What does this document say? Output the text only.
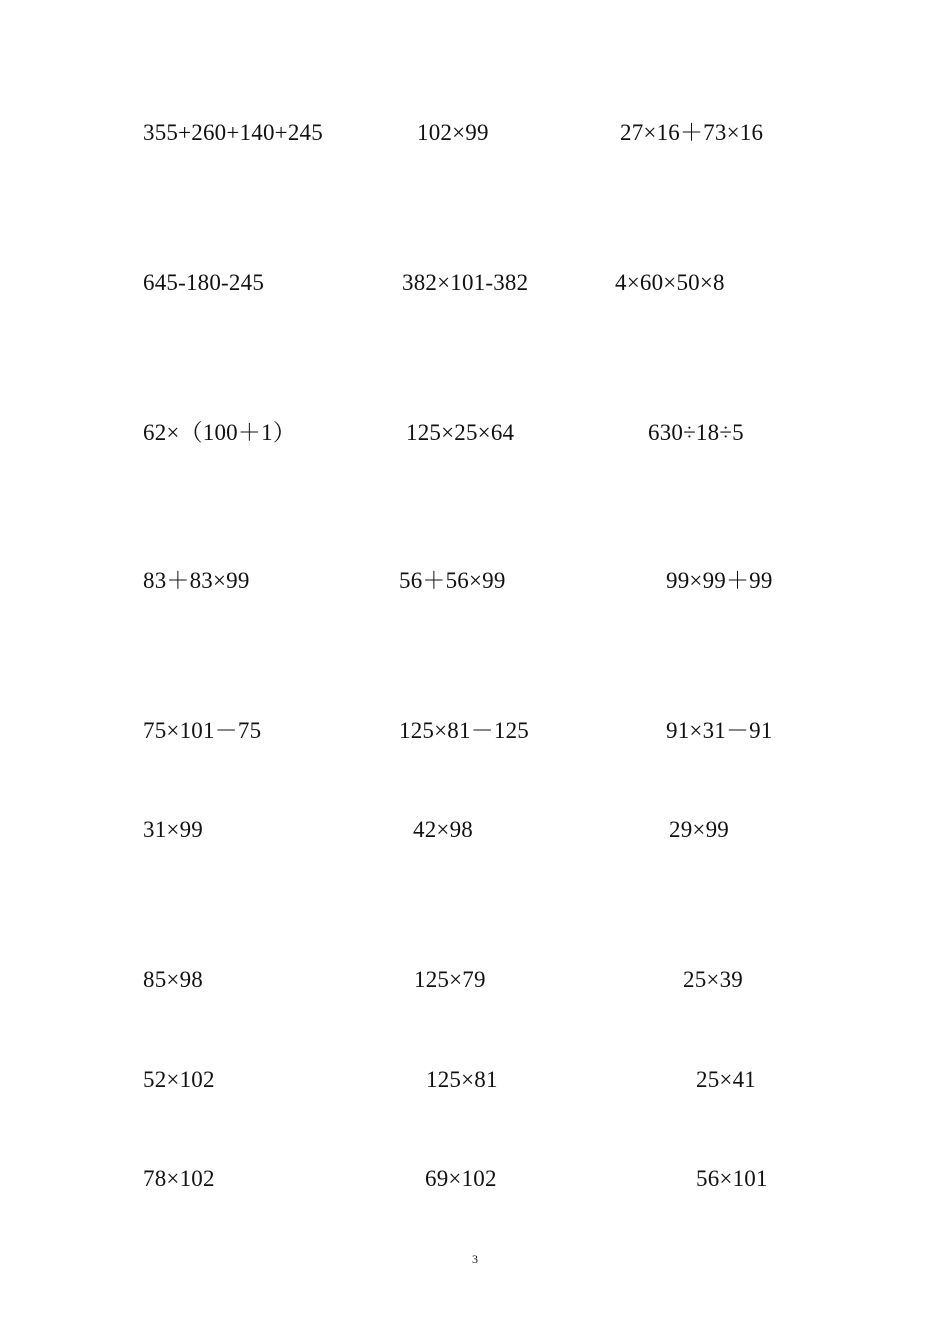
355+260+140+245	102×99	27×16＋73×16
645-180-245	382×101-382	4×60×50×8
62×（100＋1）	125×25×64	630÷18÷5
83＋83×99	56＋56×99	99×99＋99
75×101－75	125×81－125	91×31－91
31×99	42×98	29×99
85×98	125×79	25×39
52×102	125×81	25×41
78×102	69×102	56×101
3
